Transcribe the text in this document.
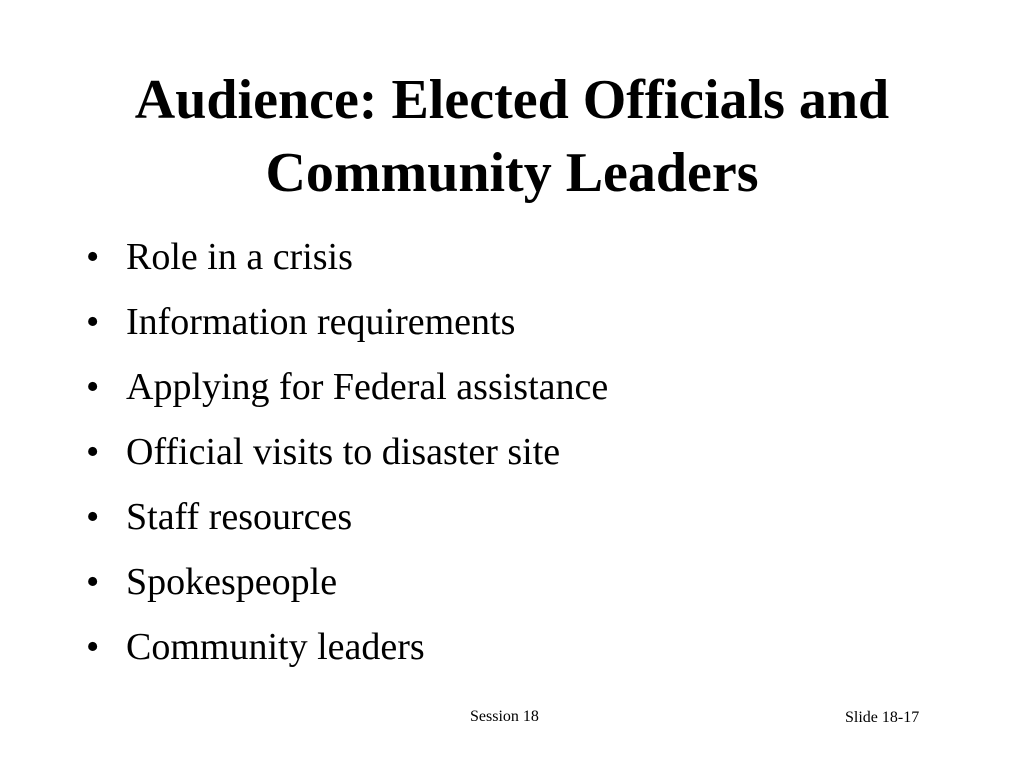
Audience: Elected Officials and
Community Leaders
• Role in a crisis
• Information requirements
• Applying for Federal assistance
• Official visits to disaster site
• Staff resources
• Spokespeople
• Community leaders
Session 18	Slide 18-17
